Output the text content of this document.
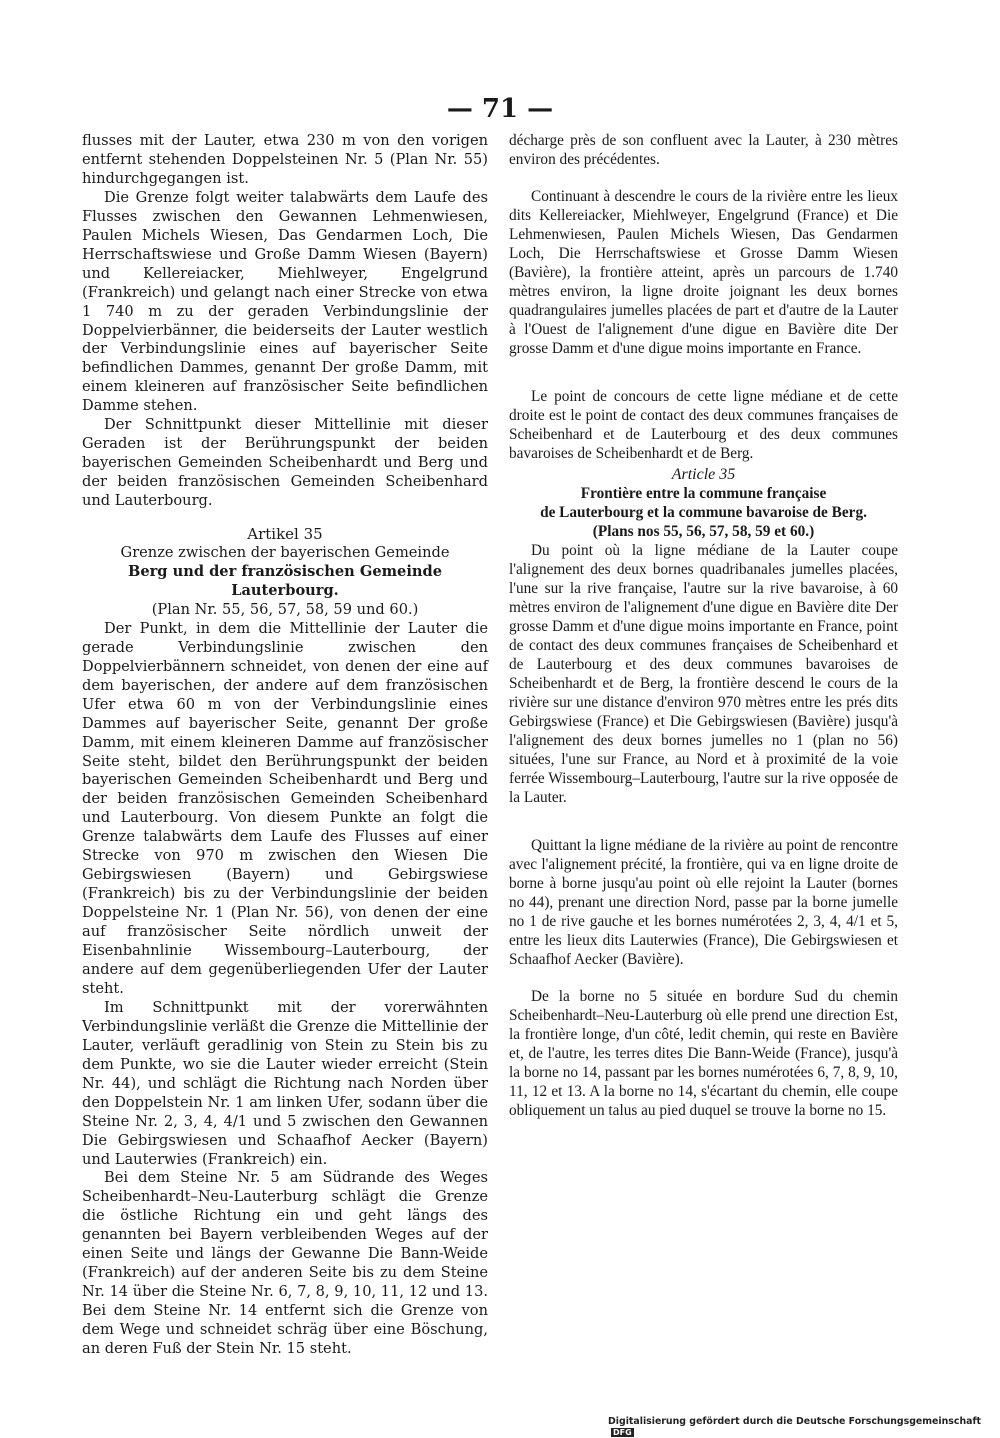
— 71 —

flusses mit der Lauter, etwa 230 m von den vorigen entfernt stehenden Doppelsteinen Nr. 5 (Plan Nr. 55) hindurchgegangen ist.

Die Grenze folgt weiter talabwärts dem Laufe des Flusses zwischen den Gewannen Lehmenwiesen, Paulen Michels Wiesen, Das Gendarmen Loch, Die Herrschaftswiese und Große Damm Wiesen (Bayern) und Kellereiacker, Miehlweyer, Engelgrund (Frankreich) und gelangt nach einer Strecke von etwa 1 740 m zu der geraden Verbindungslinie der Doppelvierbänner, die beiderseits der Lauter westlich der Verbindungslinie eines auf bayerischer Seite befindlichen Dammes, genannt Der große Damm, mit einem kleineren auf französischer Seite befindlichen Damme stehen.

Der Schnittpunkt dieser Mittellinie mit dieser Geraden ist der Berührungspunkt der beiden bayerischen Gemeinden Scheibenhardt und Berg und der beiden französischen Gemeinden Scheibenhard und Lauterbourg.

Artikel 35

Grenze zwischen der bayerischen Gemeinde

Berg und der französischen Gemeinde Lauterbourg.

(Plan Nr. 55, 56, 57, 58, 59 und 60.)

Der Punkt, in dem die Mittellinie der Lauter die gerade Verbindungslinie zwischen den Doppelvierbännern schneidet, von denen der eine auf dem bayerischen, der andere auf dem französischen Ufer etwa 60 m von der Verbindungslinie eines Dammes auf bayerischer Seite, genannt Der große Damm, mit einem kleineren Damme auf französischer Seite steht, bildet den Berührungspunkt der beiden bayerischen Gemeinden Scheibenhardt und Berg und der beiden französischen Gemeinden Scheibenhard und Lauterbourg. Von diesem Punkte an folgt die Grenze talabwärts dem Laufe des Flusses auf einer Strecke von 970 m zwischen den Wiesen Die Gebirgswiesen (Bayern) und Gebirgswiese (Frankreich) bis zu der Verbindungslinie der beiden Doppelsteine Nr. 1 (Plan Nr. 56), von denen der eine auf französischer Seite nördlich unweit der Eisenbahnlinie Wissembourg–Lauterbourg, der andere auf dem gegenüberliegenden Ufer der Lauter steht.

Im Schnittpunkt mit der vorerwähnten Verbindungslinie verläßt die Grenze die Mittellinie der Lauter, verläuft geradlinig von Stein zu Stein bis zu dem Punkte, wo sie die Lauter wieder erreicht (Stein Nr. 44), und schlägt die Richtung nach Norden über den Doppelstein Nr. 1 am linken Ufer, sodann über die Steine Nr. 2, 3, 4, 4/1 und 5 zwischen den Gewannen Die Gebirgswiesen und Schaafhof Aecker (Bayern) und Lauterwies (Frankreich) ein.

Bei dem Steine Nr. 5 am Südrande des Weges Scheibenhardt–Neu-Lauterburg schlägt die Grenze die östliche Richtung ein und geht längs des genannten bei Bayern verbleibenden Weges auf der einen Seite und längs der Gewanne Die Bann-Weide (Frankreich) auf der anderen Seite bis zu dem Steine Nr. 14 über die Steine Nr. 6, 7, 8, 9, 10, 11, 12 und 13. Bei dem Steine Nr. 14 entfernt sich die Grenze von dem Wege und schneidet schräg über eine Böschung, an deren Fuß der Stein Nr. 15 steht.

décharge près de son confluent avec la Lauter, à 230 mètres environ des précédentes.

Continuant à descendre le cours de la rivière entre les lieux dits Kellereiacker, Miehlweyer, Engelgrund (France) et Die Lehmenwiesen, Paulen Michels Wiesen, Das Gendarmen Loch, Die Herrschaftswiese et Grosse Damm Wiesen (Bavière), la frontière atteint, après un parcours de 1.740 mètres environ, la ligne droite joignant les deux bornes quadrangulaires jumelles placées de part et d'autre de la Lauter à l'Ouest de l'alignement d'une digue en Bavière dite Der grosse Damm et d'une digue moins importante en France.

Le point de concours de cette ligne médiane et de cette droite est le point de contact des deux communes françaises de Scheibenhard et de Lauterbourg et des deux communes bavaroises de Scheibenhardt et de Berg.

Article 35

Frontière entre la commune française

de Lauterbourg et la commune bavaroise de Berg.

(Plans nos 55, 56, 57, 58, 59 et 60.)

Du point où la ligne médiane de la Lauter coupe l'alignement des deux bornes quadribanales jumelles placées, l'une sur la rive française, l'autre sur la rive bavaroise, à 60 mètres environ de l'alignement d'une digue en Bavière dite Der grosse Damm et d'une digue moins importante en France, point de contact des deux communes françaises de Scheibenhard et de Lauterbourg et des deux communes bavaroises de Scheibenhardt et de Berg, la frontière descend le cours de la rivière sur une distance d'environ 970 mètres entre les prés dits Gebirgswiese (France) et Die Gebirgswiesen (Bavière) jusqu'à l'alignement des deux bornes jumelles no 1 (plan no 56) situées, l'une sur France, au Nord et à proximité de la voie ferrée Wissembourg–Lauterbourg, l'autre sur la rive opposée de la Lauter.

Quittant la ligne médiane de la rivière au point de rencontre avec l'alignement précité, la frontière, qui va en ligne droite de borne à borne jusqu'au point où elle rejoint la Lauter (bornes no 44), prenant une direction Nord, passe par la borne jumelle no 1 de rive gauche et les bornes numérotées 2, 3, 4, 4/1 et 5, entre les lieux dits Lauterwies (France), Die Gebirgswiesen et Schaafhof Aecker (Bavière).

De la borne no 5 située en bordure Sud du chemin Scheibenhardt–Neu-Lauterburg où elle prend une direction Est, la frontière longe, d'un côté, ledit chemin, qui reste en Bavière et, de l'autre, les terres dites Die Bann-Weide (France), jusqu'à la borne no 14, passant par les bornes numérotées 6, 7, 8, 9, 10, 11, 12 et 13. A la borne no 14, s'écartant du chemin, elle coupe obliquement un talus au pied duquel se trouve la borne no 15.

Digitalisierung gefördert durch die Deutsche Forschungsgemeinschaft DFG
